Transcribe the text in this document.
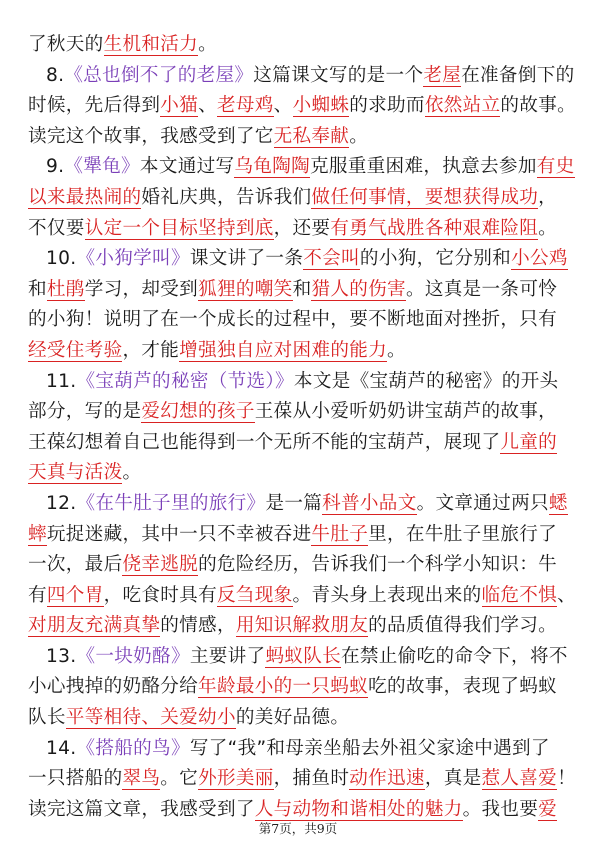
了秋天的生机和活力。
8.《总也倒不了的老屋》这篇课文写的是一个老屋在准备倒下的
时候，先后得到小猫、老母鸡、小蜘蛛的求助而依然站立的故事。
读完这个故事，我感受到了它无私奉献。
9.《犟龟》本文通过写乌龟陶陶克服重重困难，执意去参加有史
以来最热闹的婚礼庆典，告诉我们做任何事情，要想获得成功，
不仅要认定一个目标坚持到底，还要有勇气战胜各种艰难险阻。
10.《小狗学叫》课文讲了一条不会叫的小狗，它分别和小公鸡
和杜鹃学习，却受到狐狸的嘲笑和猎人的伤害。这真是一条可怜
的小狗！说明了在一个成长的过程中，要不断地面对挫折，只有
经受住考验，才能增强独自应对困难的能力。
11.《宝葫芦的秘密（节选）》本文是《宝葫芦的秘密》的开头
部分，写的是爱幻想的孩子王葆从小爱听奶奶讲宝葫芦的故事，
王葆幻想着自己也能得到一个无所不能的宝葫芦，展现了儿童的
天真与活泼。
12.《在牛肚子里的旅行》是一篇科普小品文。文章通过两只蟋
蟀玩捉迷藏，其中一只不幸被吞进牛肚子里，在牛肚子里旅行了
一次，最后侥幸逃脱的危险经历，告诉我们一个科学小知识：牛
有四个胃，吃食时具有反刍现象。青头身上表现出来的临危不惧、
对朋友充满真挚的情感，用知识解救朋友的品质值得我们学习。
13.《一块奶酪》主要讲了蚂蚁队长在禁止偷吃的命令下，将不
小心拽掉的奶酪分给年龄最小的一只蚂蚁吃的故事，表现了蚂蚁
队长平等相待、关爱幼小的美好品德。
14.《搭船的鸟》写了“我”和母亲坐船去外祖父家途中遇到了
一只搭船的翠鸟。它外形美丽，捕鱼时动作迅速，真是惹人喜爱！
读完这篇文章，我感受到了人与动物和谐相处的魅力。我也要爱
第7页，共9页
